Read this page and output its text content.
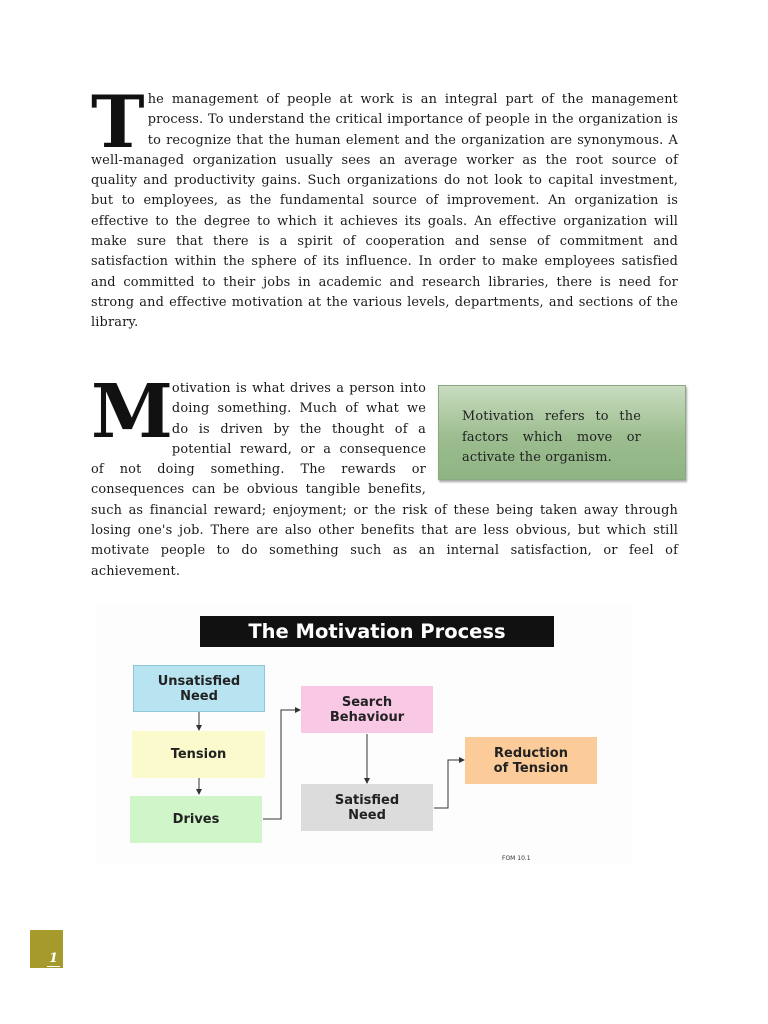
The management of people at work is an integral part of the management process. To understand the critical importance of people in the organization is to recognize that the human element and the organization are synonymous. A well-managed organization usually sees an average worker as the root source of quality and productivity gains. Such organizations do not look to capital investment, but to employees, as the fundamental source of improvement. An organization is effective to the degree to which it achieves its goals. An effective organization will make sure that there is a spirit of cooperation and sense of commitment and satisfaction within the sphere of its influence. In order to make employees satisfied and committed to their jobs in academic and research libraries, there is need for strong and effective motivation at the various levels, departments, and sections of the library.
Motivation refers to the factors which move or activate the organism.
M otivation is what drives a person into doing something. Much of what we do is driven by the thought of a potential reward, or a consequence of not doing something. The rewards or consequences can be obvious tangible benefits, such as financial reward; enjoyment; or the risk of these being taken away through losing one's job. There are also other benefits that are less obvious, but which still motivate people to do something such as an internal satisfaction, or feel of achievement.
The Motivation Process
Unsatisfied
Need
Tension
Drives
Search
Behaviour
Satisfied
Need
Reduction
of Tension
FOM 10.1
1
